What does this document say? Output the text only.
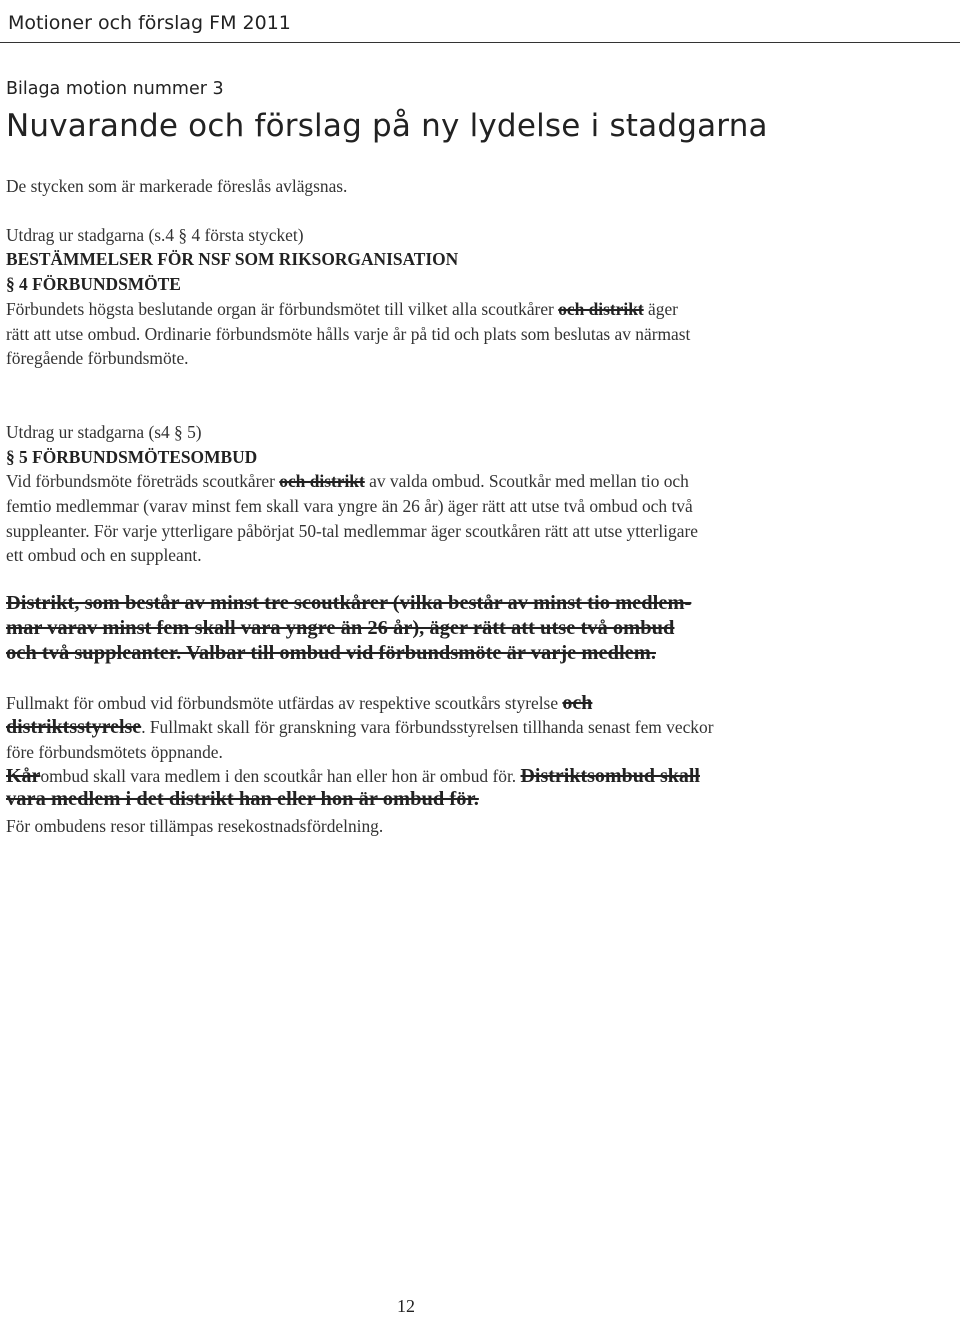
Motioner och förslag FM 2011
Bilaga motion nummer 3
Nuvarande och förslag på ny lydelse i stadgarna
De stycken som är markerade föreslås avlägsnas.
Utdrag ur stadgarna (s.4 § 4 första stycket)
BESTÄMMELSER FÖR NSF SOM RIKSORGANISATION
§ 4 FÖRBUNDSMÖTE
Förbundets högsta beslutande organ är förbundsmötet till vilket alla scoutkårer och distrikt äger
rätt att utse ombud. Ordinarie förbundsmöte hålls varje år på tid och plats som beslutas av närmast
föregående förbundsmöte.
Utdrag ur stadgarna (s4 § 5)
§ 5 FÖRBUNDSMÖTESOMBUD
Vid förbundsmöte företräds scoutkårer och distrikt av valda ombud. Scoutkår med mellan tio och
femtio medlemmar (varav minst fem skall vara yngre än 26 år) äger rätt att utse två ombud och två
suppleanter. För varje ytterligare påbörjat 50-tal medlemmar äger scoutkåren rätt att utse ytterligare
ett ombud och en suppleant.
Distrikt, som består av minst tre scoutkårer (vilka består av minst tio medlem-
mar varav minst fem skall vara yngre än 26 år), äger rätt att utse två ombud
och två suppleanter. Valbar till ombud vid förbundsmöte är varje medlem.
Fullmakt för ombud vid förbundsmöte utfärdas av respektive scoutkårs styrelse och
distriktsstyrelse. Fullmakt skall för granskning vara förbundsstyrelsen tillhanda senast fem veckor
före förbundsmötets öppnande.
Kårombud skall vara medlem i den scoutkår han eller hon är ombud för. Distriktsombud skall
vara medlem i det distrikt han eller hon är ombud för.
För ombudens resor tillämpas resekostnadsfördelning.
12
